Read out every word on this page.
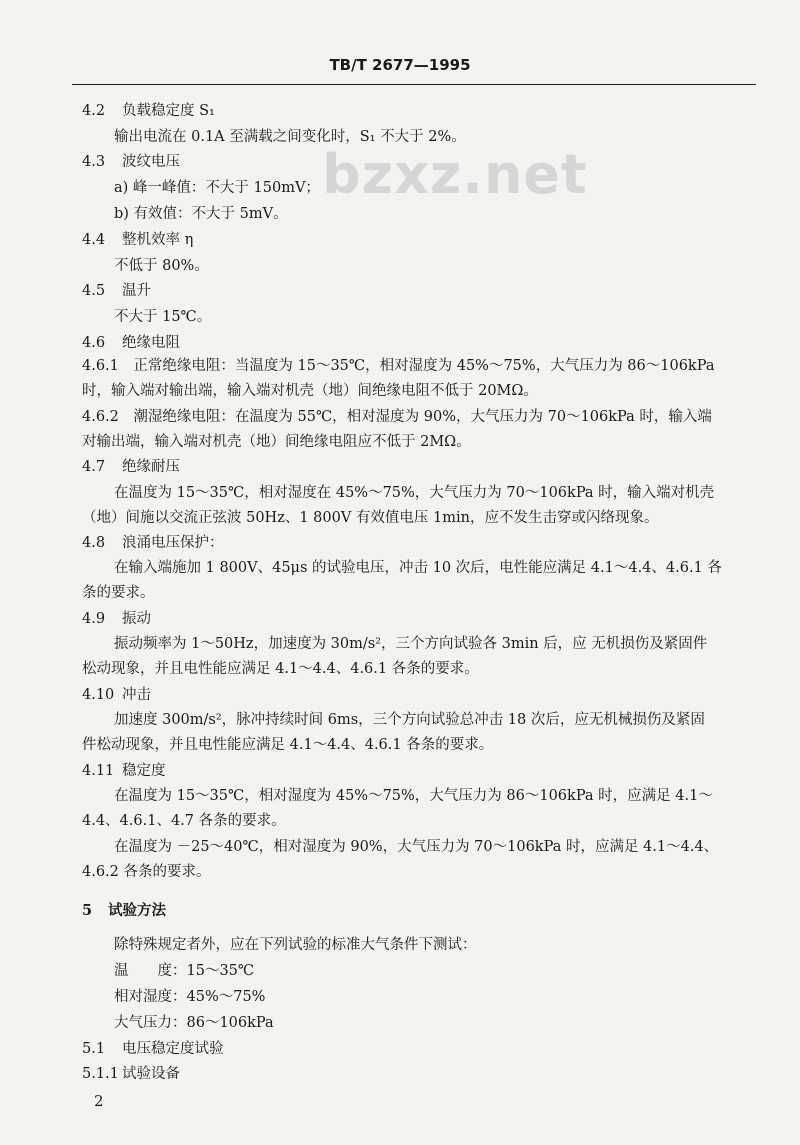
TB/T 2677—1995
bzxz.net
4.2 负载稳定度 S₁
输出电流在 0.1A 至满载之间变化时，S₁ 不大于 2%。
4.3 波纹电压
a) 峰一峰值：不大于 150mV；
b) 有效值：不大于 5mV。
4.4 整机效率 η
不低于 80%。
4.5 温升
不大于 15℃。
4.6 绝缘电阻
4.6.1　正常绝缘电阻：当温度为 15～35℃，相对湿度为 45%～75%，大气压力为 86～106kPa
时，输入端对输出端，输入端对机壳（地）间绝缘电阻不低于 20MΩ。
4.6.2　潮湿绝缘电阻：在温度为 55℃，相对湿度为 90%，大气压力为 70～106kPa 时，输入端
对输出端，输入端对机壳（地）间绝缘电阻应不低于 2MΩ。
4.7 绝缘耐压
在温度为 15～35℃，相对湿度在 45%～75%，大气压力为 70～106kPa 时，输入端对机壳
（地）间施以交流正弦波 50Hz、1 800V 有效值电压 1min，应不发生击穿或闪络现象。
4.8 浪涌电压保护：
在输入端施加 1 800V、45μs 的试验电压，冲击 10 次后，电性能应满足 4.1～4.4、4.6.1 各
条的要求。
4.9 振动
振动频率为 1～50Hz，加速度为 30m/s²，三个方向试验各 3min 后，应 无机损伤及紧固件
松动现象，并且电性能应满足 4.1～4.4、4.6.1 各条的要求。
4.10 冲击
加速度 300m/s²，脉冲持续时间 6ms，三个方向试验总冲击 18 次后，应无机械损伤及紧固
件松动现象，并且电性能应满足 4.1～4.4、4.6.1 各条的要求。
4.11 稳定度
在温度为 15～35℃，相对湿度为 45%～75%，大气压力为 86～106kPa 时，应满足 4.1～
4.4、4.6.1、4.7 各条的要求。
在温度为 －25～40℃，相对湿度为 90%，大气压力为 70～106kPa 时，应满足 4.1～4.4、
4.6.2 各条的要求。
5 试验方法
除特殊规定者外，应在下列试验的标准大气条件下测试：
温　　度：15～35℃
相对湿度：45%～75%
大气压力：86～106kPa
5.1 电压稳定度试验
5.1.1 试验设备
2
